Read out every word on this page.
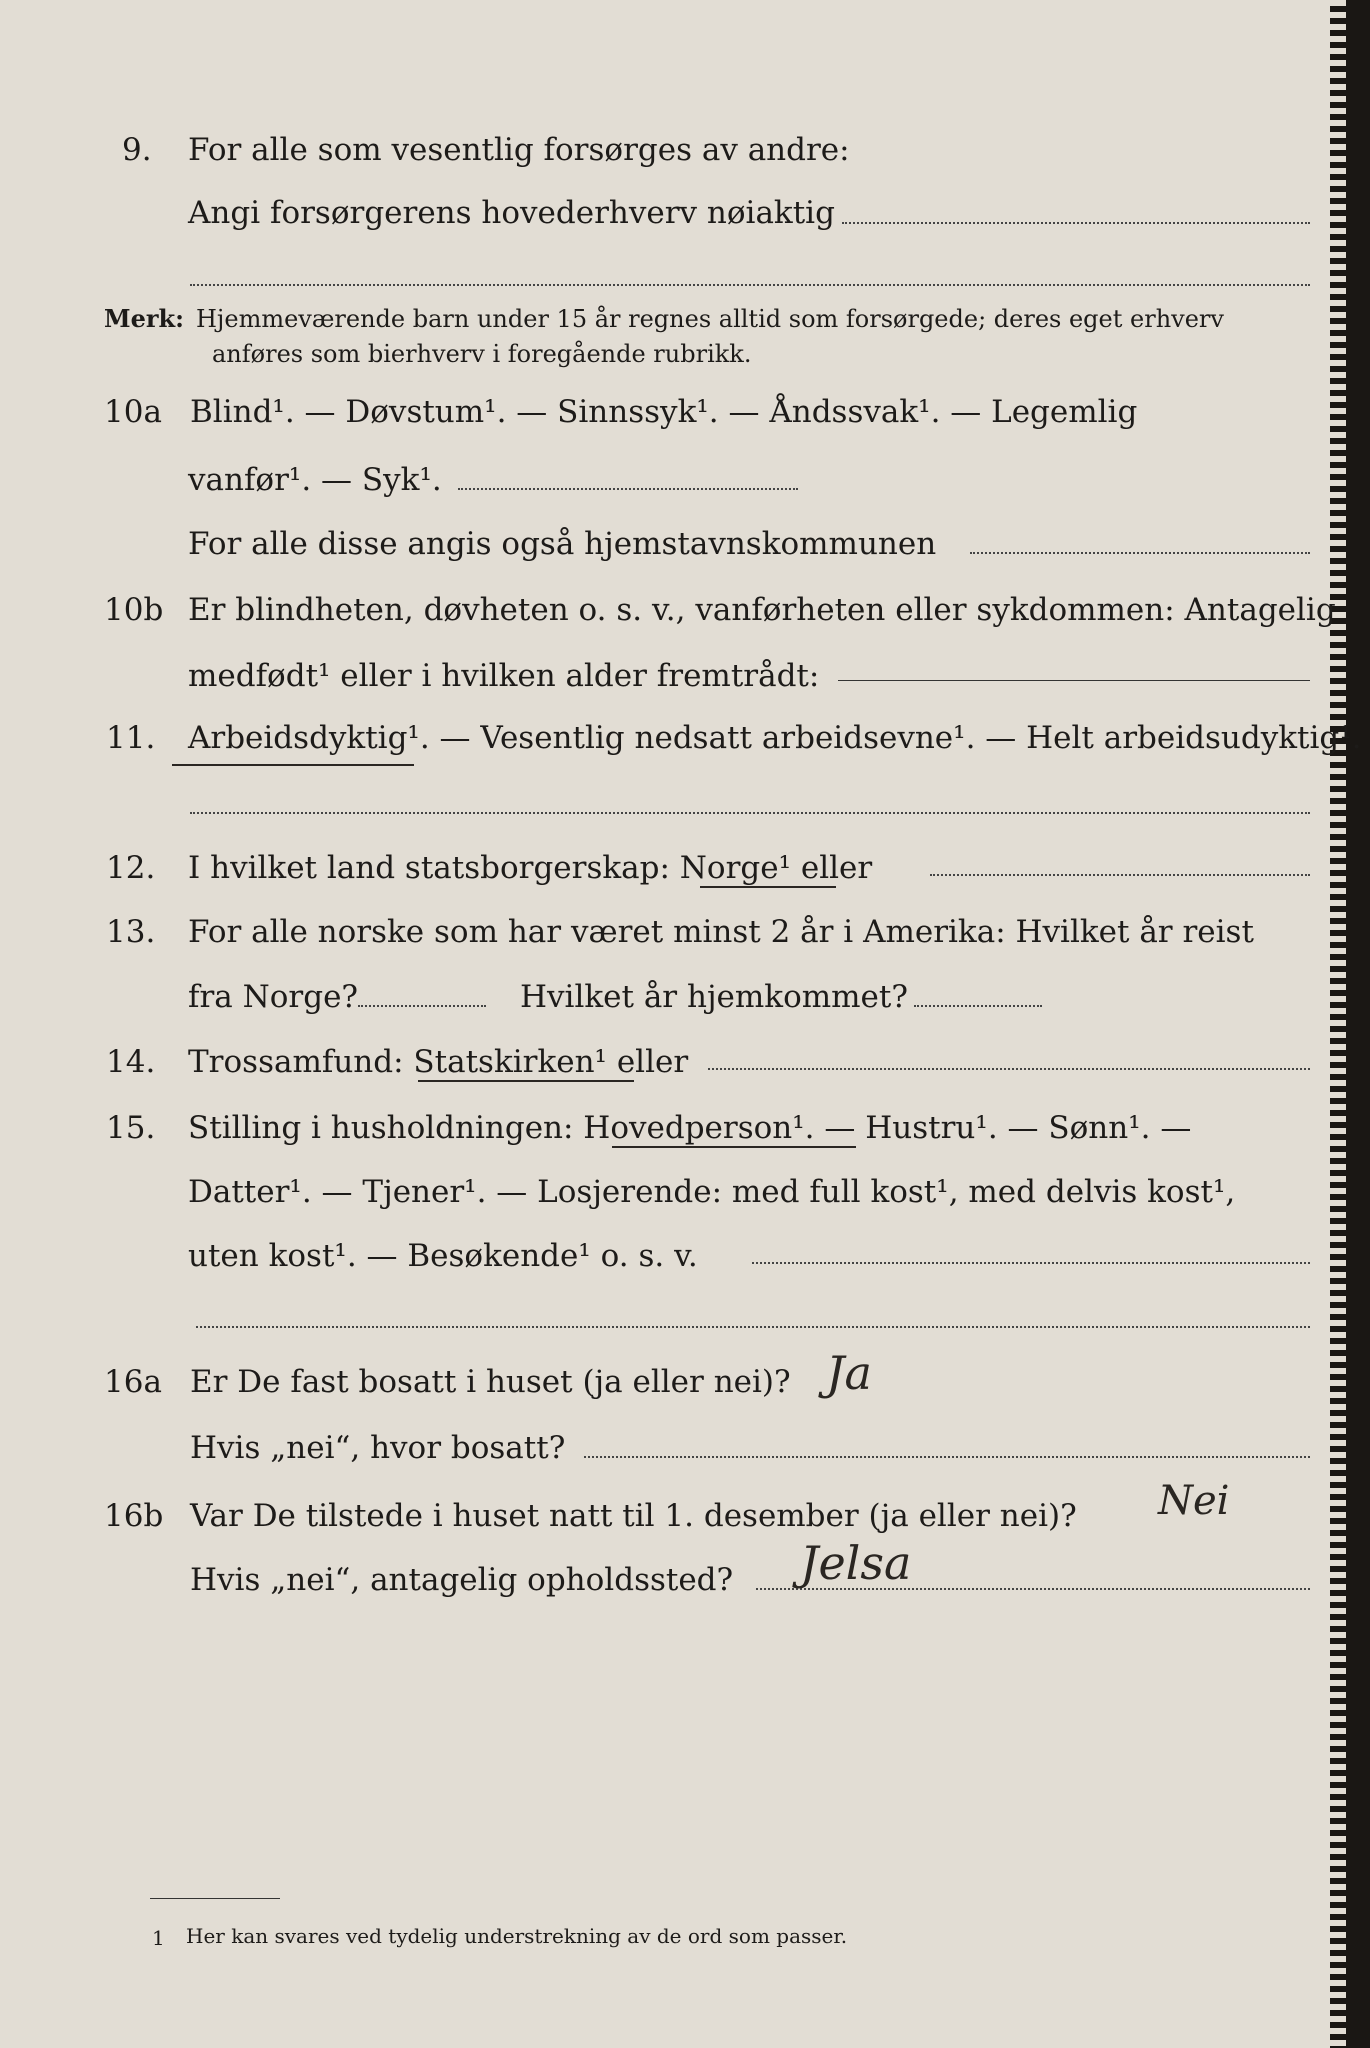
9. For alle som vesentlig forsørges av andre:
Angi forsørgerens hovederhverv nøiaktig
Merk: Hjemmeværende barn under 15 år regnes alltid som forsørgede; deres eget erhverv
anføres som bierhverv i foregående rubrikk.
10a Blind¹. — Døvstum¹. — Sinnssyk¹. — Åndssvak¹. — Legemlig
vanfør¹. — Syk¹.
For alle disse angis også hjemstavnskommunen
10b Er blindheten, døvheten o. s. v., vanførheten eller sykdommen: Antagelig
medfødt¹ eller i hvilken alder fremtrådt:
11. Arbeidsdyktig¹. — Vesentlig nedsatt arbeidsevne¹. — Helt arbeidsudyktig¹.
12. I hvilket land statsborgerskap: Norge¹ eller
13. For alle norske som har været minst 2 år i Amerika: Hvilket år reist
fra Norge?	Hvilket år hjemkommet?
14. Trossamfund: Statskirken¹ eller
15. Stilling i husholdningen: Hovedperson¹. — Hustru¹. — Sønn¹. —
Datter¹. — Tjener¹. — Losjerende: med full kost¹, med delvis kost¹,
uten kost¹. — Besøkende¹ o. s. v.
16a Er De fast bosatt i huset (ja eller nei)? Ja
Hvis „nei“, hvor bosatt?
16b Var De tilstede i huset natt til 1. desember (ja eller nei)? Nei
Hvis „nei“, antagelig opholdssted? Jelsa
1 Her kan svares ved tydelig understrekning av de ord som passer.
